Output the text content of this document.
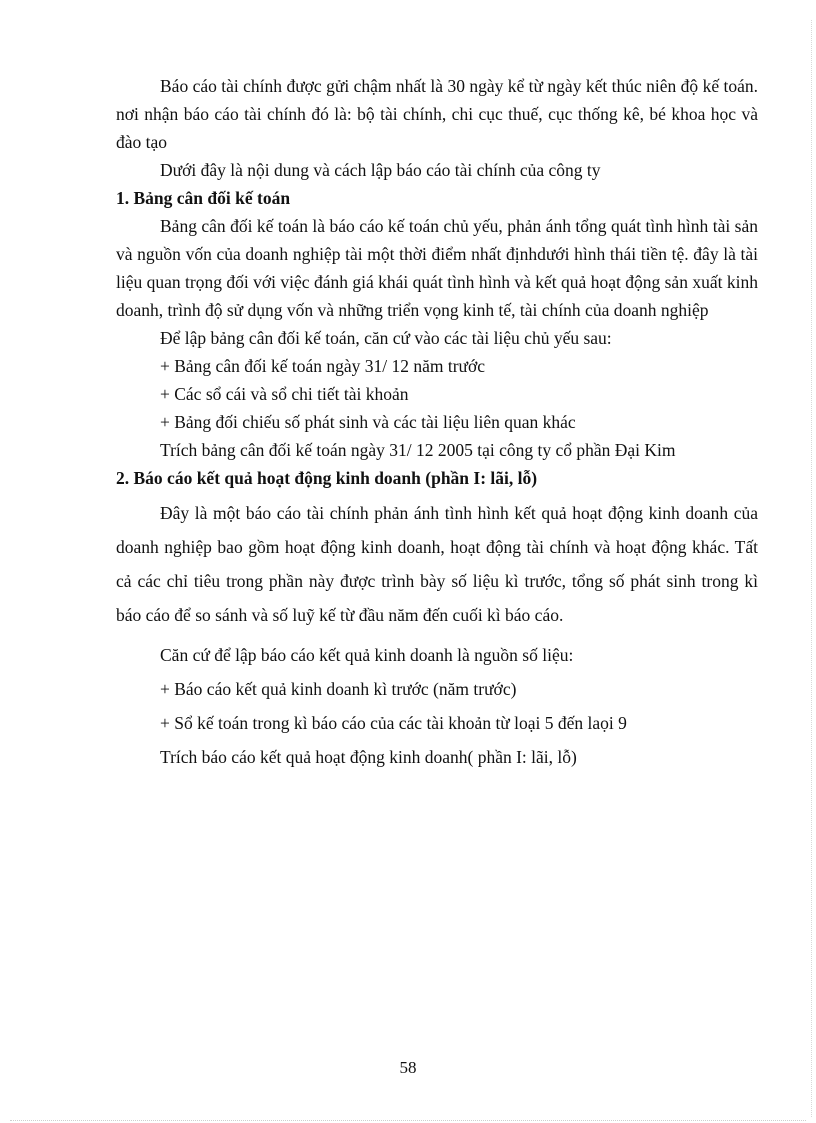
Báo cáo tài chính được gửi chậm nhất là 30 ngày kể từ ngày kết thúc niên độ kế toán. nơi nhận báo cáo tài chính đó là: bộ tài chính, chi cục thuế, cục thống kê, bé khoa học và đào tạo

Dưới đây là nội dung và cách lập báo cáo tài chính của công ty

1. Bảng cân đối kế toán

Bảng cân đối kế toán là báo cáo kế toán chủ yếu, phản ánh tổng quát tình hình tài sản và nguồn vốn của doanh nghiệp tài một thời điểm nhất địnhdưới hình thái tiền tệ. đây là tài liệu quan trọng đối với việc đánh giá khái quát tình hình và kết quả hoạt động sản xuất kinh doanh, trình độ sử dụng vốn và những triển vọng kinh tế, tài chính của doanh nghiệp

Để lập bảng cân đối kế toán, căn cứ vào các tài liệu chủ yếu sau:

+ Bảng cân đối kế toán ngày 31/ 12 năm trước

+ Các sổ cái và sổ chi tiết tài khoản

+ Bảng đối chiếu số phát sinh và các tài liệu liên quan khác

Trích bảng cân đối kế toán ngày 31/ 12 2005 tại công ty cổ phần Đại Kim

2. Báo cáo kết quả hoạt động kinh doanh (phần I: lãi, lỗ)

Đây là một báo cáo tài chính phản ánh tình hình kết quả hoạt động kinh doanh của doanh nghiệp bao gồm hoạt động kinh doanh, hoạt động tài chính và hoạt động khác. Tất cả các chỉ tiêu trong phần này được trình bày số liệu kì trước, tổng số phát sinh trong kì báo cáo để so sánh và số luỹ kế từ đầu năm đến cuối kì báo cáo.

Căn cứ để lập báo cáo kết quả kinh doanh là nguồn số liệu:

+ Báo cáo kết quả kinh doanh kì trước (năm trước)

+ Sổ kế toán trong kì báo cáo của các tài khoản từ loại 5 đến laọi 9

Trích báo cáo kết quả hoạt động kinh doanh( phần I: lãi, lỗ)

58
